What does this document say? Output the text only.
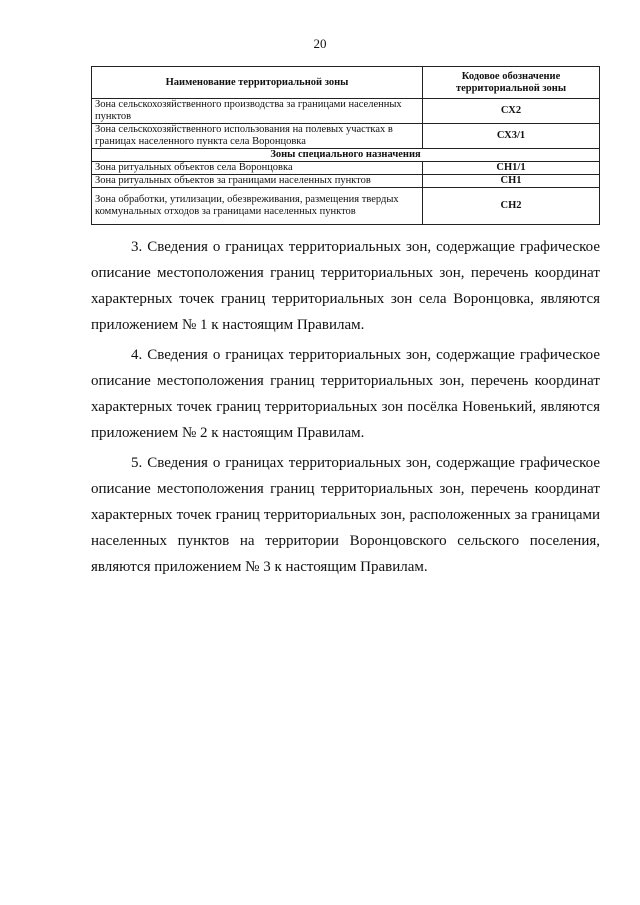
20
Наименование территориальной зоны	Кодовое обозначение территориальной зоны
Зона сельскохозяйственного производства за границами населенных пунктов	СХ2
Зона сельскохозяйственного использования на полевых участках в границах населенного пункта села Воронцовка	СХ3/1
Зоны специального назначения	
Зона ритуальных объектов села Воронцовка	СН1/1
Зона ритуальных объектов за границами населенных пунктов	СН1
Зона обработки, утилизации, обезвреживания, размещения твердых коммунальных отходов за границами населенных пунктов	СН2

3. Сведения о границах территориальных зон, содержащие графическое описание местоположения границ территориальных зон, перечень координат характерных точек границ территориальных зон села Воронцовка, являются приложением № 1 к настоящим Правилам.

4. Сведения о границах территориальных зон, содержащие графическое описание местоположения границ территориальных зон, перечень координат характерных точек границ территориальных зон посёлка Новенький, являются приложением № 2 к настоящим Правилам.

5. Сведения о границах территориальных зон, содержащие графическое описание местоположения границ территориальных зон, перечень координат характерных точек границ территориальных зон, расположенных за границами населенных пунктов на территории Воронцовского сельского поселения, являются приложением № 3 к настоящим Правилам.
